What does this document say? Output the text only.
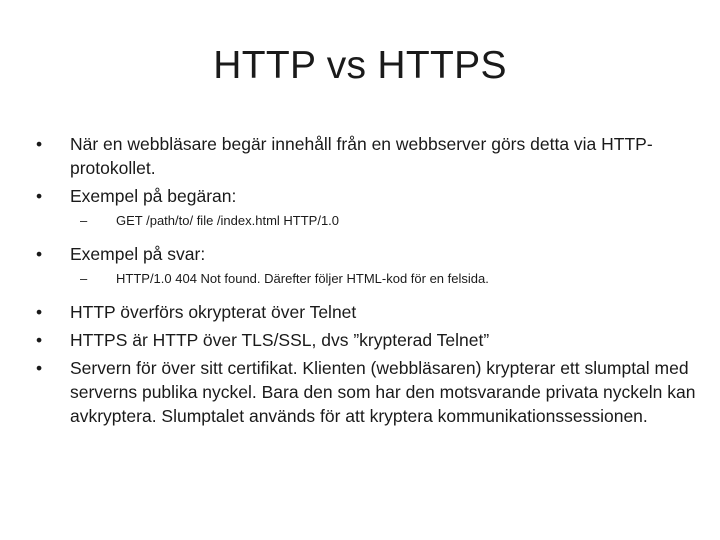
HTTP vs HTTPS
•	När en webbläsare begär innehåll från en webbserver görs detta via HTTP-protokollet.
•	Exempel på begäran:
– GET /path/to/ file /index.html HTTP/1.0
•	Exempel på svar:
– HTTP/1.0 404 Not found. Därefter följer HTML-kod för en felsida.
•	HTTP överförs okrypterat över Telnet
•	HTTPS är HTTP över TLS/SSL, dvs ”krypterad Telnet”
•	Servern för över sitt certifikat. Klienten (webbläsaren) krypterar ett slumptal med serverns publika nyckel. Bara den som har den motsvarande privata nyckeln kan avkryptera. Slumptalet används för att kryptera kommunikationssessionen.
